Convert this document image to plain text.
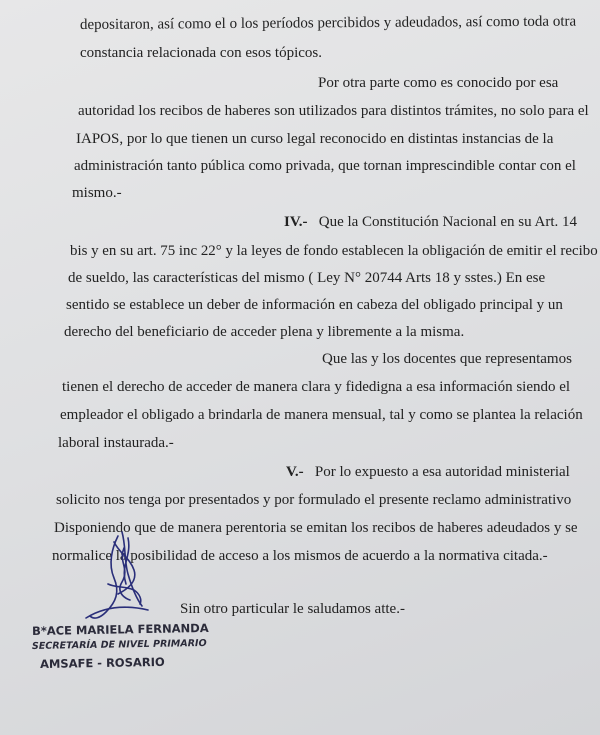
depositaron, así como el o los períodos percibidos y adeudados, así como toda otra
constancia relacionada con esos tópicos.
Por otra parte como es conocido por esa
autoridad los recibos de haberes son utilizados para distintos trámites, no solo para el
IAPOS, por lo que tienen un curso legal reconocido en distintas instancias de la
administración tanto pública como privada, que tornan imprescindible contar con el
mismo.-
IV.- Que la Constitución Nacional en su Art. 14
bis y en su art. 75 inc 22° y la leyes de fondo establecen la obligación de emitir el recibo
de sueldo, las características del mismo ( Ley N° 20744 Arts 18 y sstes.) En ese
sentido se establece un deber de información en cabeza del obligado principal y un
derecho del beneficiario de acceder plena y libremente a la misma.
Que las y los docentes que representamos
tienen el derecho de acceder de manera clara y fidedigna a esa información siendo el
empleador el obligado a brindarla de manera mensual, tal y como se plantea la relación
laboral instaurada.-
V.- Por lo expuesto a esa autoridad ministerial
solicito nos tenga por presentados y por formulado el presente reclamo administrativo
Disponiendo que de manera perentoria se emitan los recibos de haberes adeudados y se
normalice la posibilidad de acceso a los mismos de acuerdo a la normativa citada.-
Sin otro particular le saludamos atte.-
B*ACE MARIELA FERNANDA
SECRETARÍA DE NIVEL PRIMARIO
AMSAFE - ROSARIO
